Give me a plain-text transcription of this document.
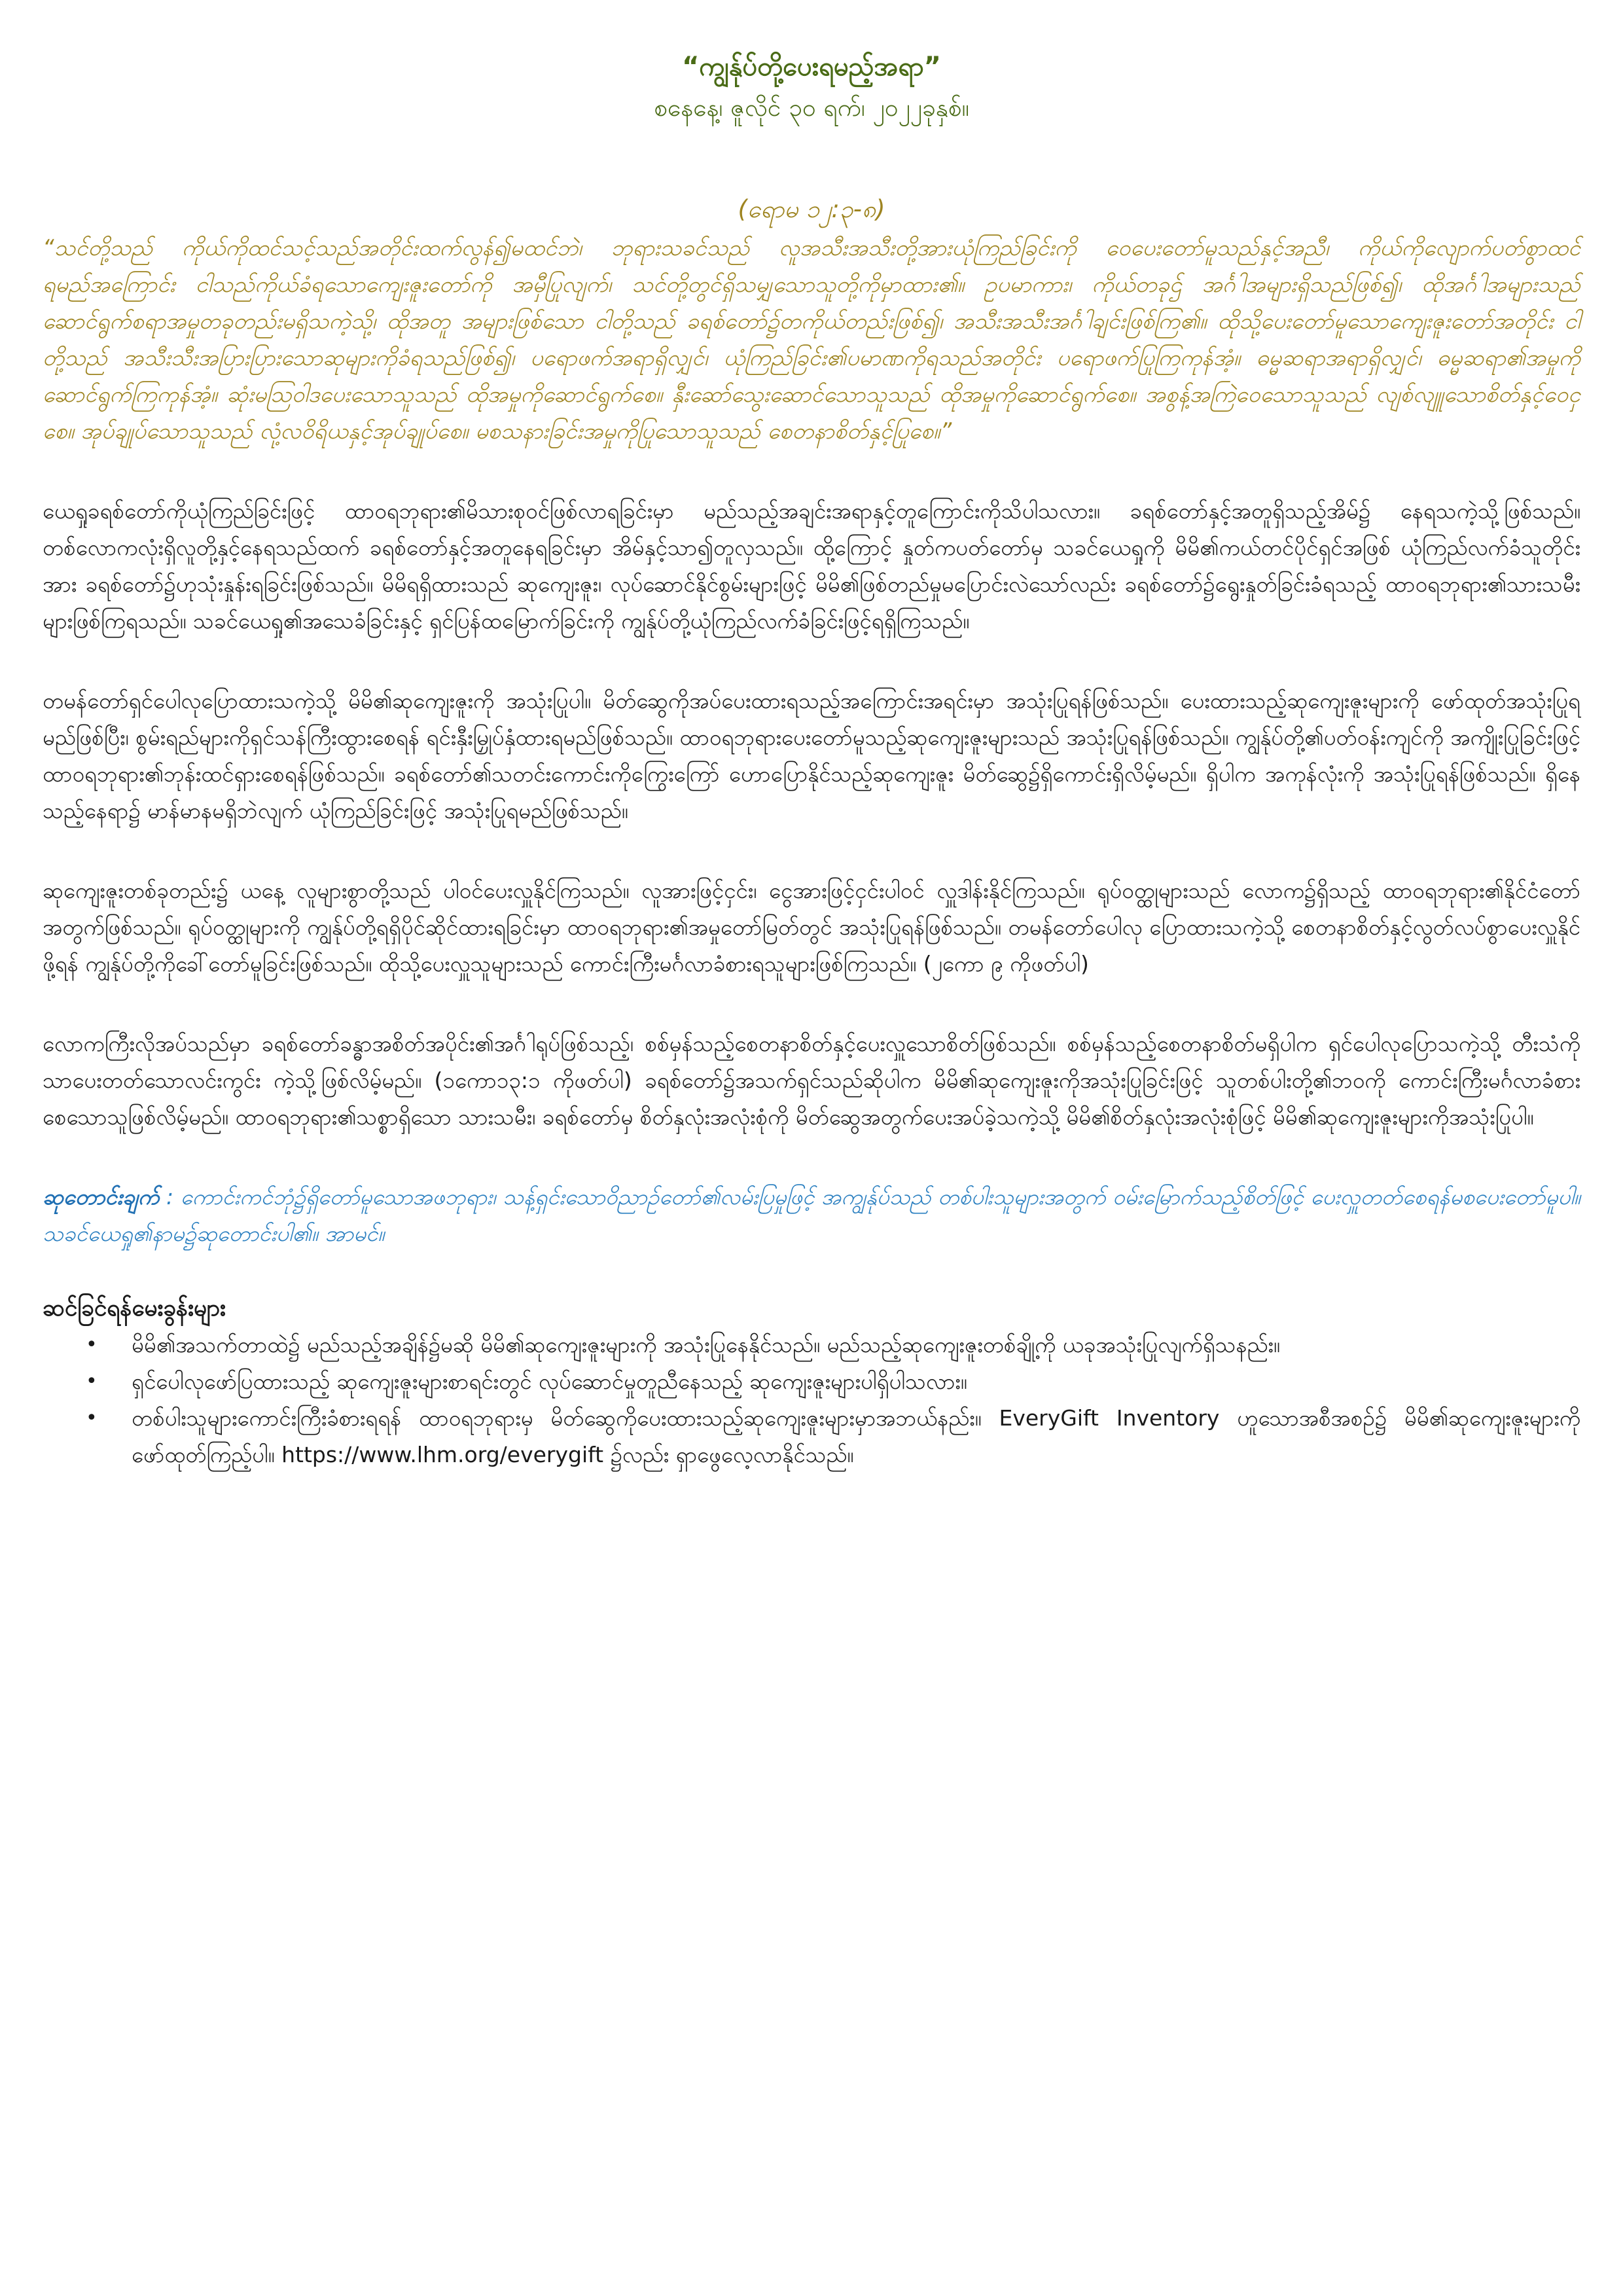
“ကျွန်ုပ်တို့ပေးရမည့်အရာ”
စနေနေ့၊ ဇူလိုင် ၃၀ ရက်၊ ၂၀၂၂ခုနှစ်။
(ရောမ ၁၂:၃-၈)
“သင်တို့သည် ကိုယ်ကိုထင်သင့်သည်အတိုင်းထက်လွန်၍မထင်ဘဲ၊ ဘုရားသခင်သည် လူအသီးအသီးတို့အားယုံကြည်ခြင်းကို ဝေပေးတော်မူသည်နှင့်အညီ၊ ကိုယ်ကိုလျောက်ပတ်စွာထင်ရမည်အကြောင်း ငါသည်ကိုယ်ခံရသောကျေးဇူးတော်ကို အမှီပြုလျက်၊ သင်တို့တွင်ရှိသမျှသောသူတို့ကိုမှာထား၏။ ဥပမာကား၊ ကိုယ်တခုဌ် အင်္ဂါအများရှိသည်ဖြစ်၍၊ ထိုအင်္ဂါအများသည် ဆောင်ရွက်စရာအမှုတခုတည်းမရှိသကဲ့သို့၊ ထိုအတူ အများဖြစ်သော ငါတို့သည် ခရစ်တော်၌တကိုယ်တည်းဖြစ်၍၊ အသီးအသီးအင်္ဂါချင်းဖြစ်ကြ၏။ ထိုသို့ပေးတော်မူသောကျေးဇူးတော်အတိုင်း ငါတို့သည် အသီးသီးအပြားပြားသောဆုများကိုခံရသည်ဖြစ်၍၊ ပရောဖက်အရာရှိလျှင်၊ ယုံကြည်ခြင်း၏ပမာဏကိုရသည်အတိုင်း ပရောဖက်ပြုကြကုန်အံ့။ ဓမ္မဆရာအရာရှိလျှင်၊ ဓမ္မဆရာ၏အမှုကိုဆောင်ရွက်ကြကုန်အံ့။ ဆုံးမဩဝါဒပေးသောသူသည် ထိုအမှုကိုဆောင်ရွက်စေ။ နှီးဆော်သွေးဆောင်သောသူသည် ထိုအမှုကိုဆောင်ရွက်စေ။ အစွန့်အကြဲဝေသောသူသည် လျစ်လျူသောစိတ်နှင့်ဝေငှစေ။ အုပ်ချုပ်သောသူသည် လုံ့လဝိရိယနှင့်အုပ်ချုပ်စေ။ မစသနားခြင်းအမှုကိုပြုသောသူသည် စေတနာစိတ်နှင့်ပြုစေ။”

ယေရှုခရစ်တော်ကိုယုံကြည်ခြင်းဖြင့် ထာဝရဘုရား၏မိသားစုဝင်ဖြစ်လာရခြင်းမှာ မည်သည့်အချင်းအရာနှင့်တူကြောင်းကိုသိပါသလား။ ခရစ်တော်နှင့်အတူရှိသည့်အိမ်၌ နေရသကဲ့သို့ဖြစ်သည်။ တစ်လောကလုံးရှိလူတို့နှင့်နေရသည်ထက် ခရစ်တော်နှင့်အတူနေရခြင်းမှာ အိမ်နှင့်သာ၍တူလှသည်။ ထို့ကြောင့် နှုတ်ကပတ်တော်မှ သခင်ယေရှုကို မိမိ၏ကယ်တင်ပိုင်ရှင်အဖြစ် ယုံကြည်လက်ခံသူတိုင်းအား ခရစ်တော်၌ဟုသုံးနှုန်းရခြင်းဖြစ်သည်။ မိမိရရှိထားသည် ဆုကျေးဇူး၊ လုပ်ဆောင်နိုင်စွမ်းများဖြင့် မိမိ၏ဖြစ်တည်မှုမပြောင်းလဲသော်လည်း ခရစ်တော်၌ရွေးနှုတ်ခြင်းခံရသည့် ထာဝရဘုရား၏သားသမီးများဖြစ်ကြရသည်။ သခင်ယေရှု၏အသေခံခြင်းနှင့် ရှင်ပြန်ထမြောက်ခြင်းကို ကျွန်ုပ်တို့ယုံကြည်လက်ခံခြင်းဖြင့်ရရှိကြသည်။

တမန်တော်ရှင်ပေါလုပြောထားသကဲ့သို့ မိမိ၏ဆုကျေးဇူးကို အသုံးပြုပါ။ မိတ်ဆွေကိုအပ်ပေးထားရသည့်အကြောင်းအရင်းမှာ အသုံးပြုရန်ဖြစ်သည်။ ပေးထားသည့်ဆုကျေးဇူးများကို ဖော်ထုတ်အသုံးပြုရမည်ဖြစ်ပြီး၊ စွမ်းရည်များကိုရှင်သန်ကြီးထွားစေရန် ရင်းနှီးမြှုပ်နှံထားရမည်ဖြစ်သည်။ ထာဝရဘုရားပေးတော်မူသည့်ဆုကျေးဇူးများသည် အသုံးပြုရန်ဖြစ်သည်။ ကျွန်ုပ်တို့၏ပတ်ဝန်းကျင်ကို အကျိုးပြုခြင်းဖြင့် ထာဝရဘုရား၏ဘုန်းထင်ရှားစေရန်ဖြစ်သည်။ ခရစ်တော်၏သတင်းကောင်းကိုကြွေးကြော် ဟောပြောနိုင်သည့်ဆုကျေးဇူး မိတ်ဆွေ၌ရှိကောင်းရှိလိမ့်မည်။ ရှိပါက အကုန်လုံးကို အသုံးပြုရန်ဖြစ်သည်။ ရှိနေသည့်နေရာ၌ မာန်မာနမရှိဘဲလျက် ယုံကြည်ခြင်းဖြင့် အသုံးပြုရမည်ဖြစ်သည်။

ဆုကျေးဇူးတစ်ခုတည်း၌ ယနေ့ လူများစွာတို့သည် ပါဝင်ပေးလှူနိုင်ကြသည်။ လူအားဖြင့်ငှင်း၊ ငွေအားဖြင့်ငှင်းပါဝင် လှူဒါန်းနိုင်ကြသည်။ ရုပ်ဝတ္ထုများသည် လောက၌ရှိသည့် ထာဝရဘုရား၏နိုင်ငံတော်အတွက်ဖြစ်သည်။ ရုပ်ဝတ္ထုများကို ကျွန်ုပ်တို့ရရှိပိုင်ဆိုင်ထားရခြင်းမှာ ထာဝရဘုရား၏အမှုတော်မြတ်တွင် အသုံးပြုရန်ဖြစ်သည်။ တမန်တော်ပေါလု ပြောထားသကဲ့သို့ စေတနာစိတ်နှင့်လွတ်လပ်စွာပေးလှူနိုင်ဖို့ရန် ကျွန်ုပ်တို့ကိုခေါ်တော်မူခြင်းဖြစ်သည်။ ထိုသို့ပေးလှူသူများသည် ကောင်းကြီးမင်္ဂလာခံစားရသူများဖြစ်ကြသည်။ (၂ကော ၉ ကိုဖတ်ပါ)

လောကကြီးလိုအပ်သည်မှာ ခရစ်တော်ခန္ဓာအစိတ်အပိုင်း၏အင်္ဂါရုပ်ဖြစ်သည့်၊ စစ်မှန်သည့်စေတနာစိတ်နှင့်ပေးလှူသောစိတ်ဖြစ်သည်။ စစ်မှန်သည့်စေတနာစိတ်မရှိပါက ရှင်ပေါလုပြောသကဲ့သို့ တီးသံကိုသာပေးတတ်သောလင်းကွင်း ကဲ့သို့ဖြစ်လိမ့်မည်။ (၁ကော၁၃:၁ ကိုဖတ်ပါ) ခရစ်တော်၌အသက်ရှင်သည်ဆိုပါက မိမိ၏ဆုကျေးဇူးကိုအသုံးပြုခြင်းဖြင့် သူတစ်ပါးတို့၏ဘဝကို ကောင်းကြီးမင်္ဂလာခံစားစေသောသူဖြစ်လိမ့်မည်။ ထာဝရဘုရား၏သစ္စာရှိသော သားသမီး၊ ခရစ်တော်မှ စိတ်နှလုံးအလုံးစုံကို မိတ်ဆွေအတွက်ပေးအပ်ခဲ့သကဲ့သို့ မိမိ၏စိတ်နှလုံးအလုံးစုံဖြင့် မိမိ၏ဆုကျေးဇူးများကိုအသုံးပြုပါ။

ဆုတောင်းချက် : ကောင်းကင်ဘုံ၌ရှိတော်မူသောအဖဘုရား၊ သန့်ရှင်းသောဝိညာဉ်တော်၏လမ်းပြမှုဖြင့် အကျွန်ုပ်သည် တစ်ပါးသူများအတွက် ဝမ်းမြောက်သည့်စိတ်ဖြင့် ပေးလှူတတ်စေရန်မစပေးတော်မူပါ။ သခင်ယေရှု၏နာမ၌ဆုတောင်းပါ၏။ အာမင်။
ဆင်ခြင်ရန်မေးခွန်းများ
• မိမိ၏အသက်တာထဲ၌ မည်သည့်အချိန်၌မဆို မိမိ၏ဆုကျေးဇူးများကို အသုံးပြုနေနိုင်သည်။ မည်သည့်ဆုကျေးဇူးတစ်ချို့ကို ယခုအသုံးပြုလျက်ရှိသနည်း။
• ရှင်ပေါလုဖော်ပြထားသည့် ဆုကျေးဇူးများစာရင်းတွင် လုပ်ဆောင်မှုတူညီနေသည့် ဆုကျေးဇူးများပါရှိပါသလား။
• တစ်ပါးသူများကောင်းကြီးခံစားရရန် ထာဝရဘုရားမှ မိတ်ဆွေကိုပေးထားသည့်ဆုကျေးဇူးများမှာအဘယ်နည်း။ EveryGift Inventory ဟူသောအစီအစဉ်၌ မိမိ၏ဆုကျေးဇူးများကိုဖော်ထုတ်ကြည့်ပါ။ https://www.lhm.org/everygift ၌လည်း ရှာဖွေလေ့လာနိုင်သည်။
